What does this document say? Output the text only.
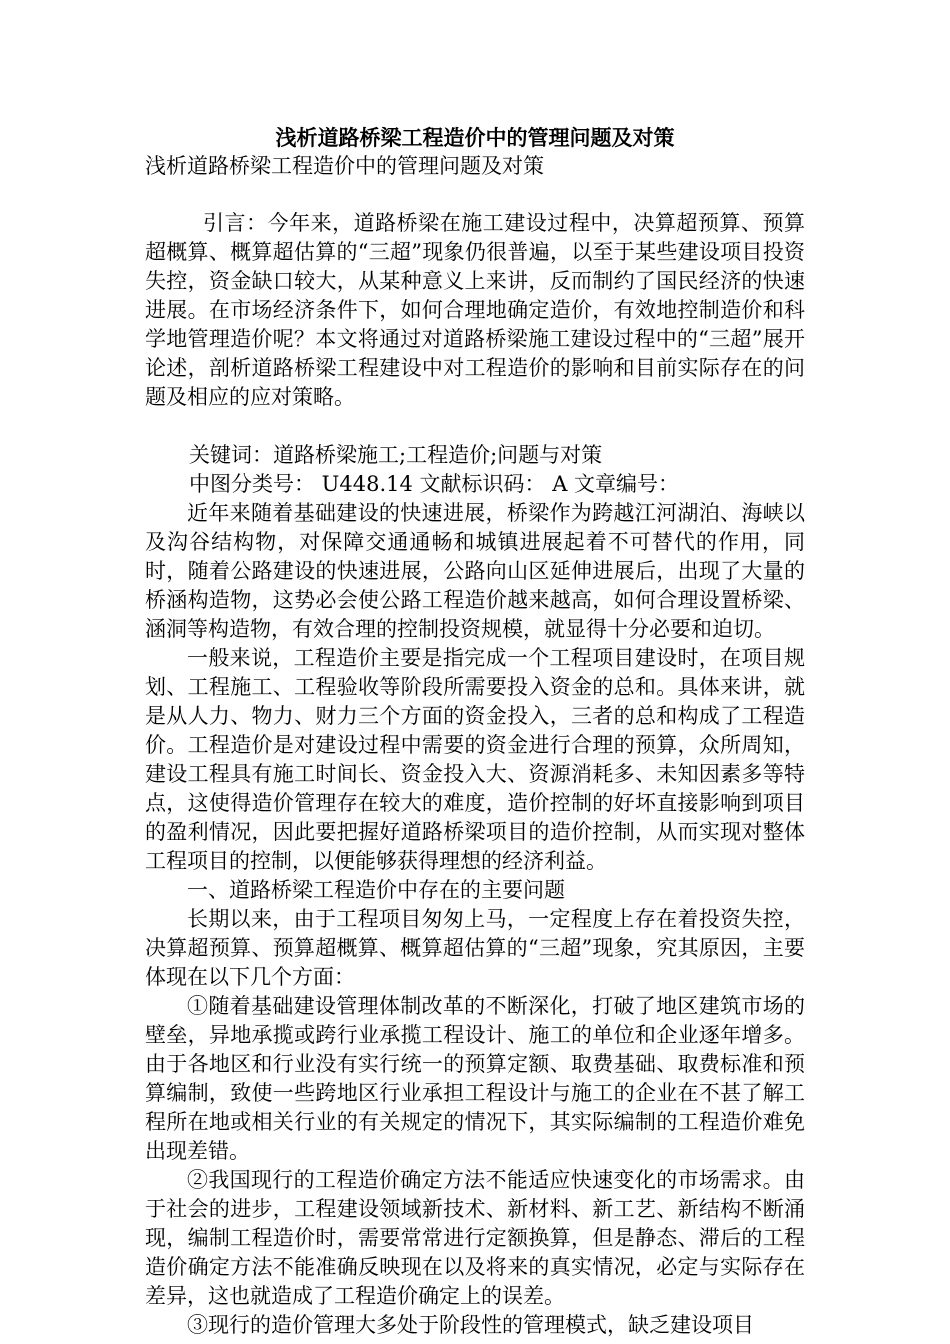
浅析道路桥梁工程造价中的管理问题及对策

浅析道路桥梁工程造价中的管理问题及对策

引言：今年来，道路桥梁在施工建设过程中，决算超预算、预算超概算、概算超估算的“三超”现象仍很普遍，以至于某些建设项目投资失控，资金缺口较大，从某种意义上来讲，反而制约了国民经济的快速进展。在市场经济条件下，如何合理地确定造价，有效地控制造价和科学地管理造价呢？本文将通过对道路桥梁施工建设过程中的“三超”展开论述，剖析道路桥梁工程建设中对工程造价的影响和目前实际存在的问题及相应的应对策略。

关键词：道路桥梁施工;工程造价;问题与对策

中图分类号： U448.14 文献标识码： A 文章编号：

近年来随着基础建设的快速进展，桥梁作为跨越江河湖泊、海峡以及沟谷结构物，对保障交通通畅和城镇进展起着不可替代的作用，同时，随着公路建设的快速进展，公路向山区延伸进展后，出现了大量的桥涵构造物，这势必会使公路工程造价越来越高，如何合理设置桥梁、涵洞等构造物，有效合理的控制投资规模，就显得十分必要和迫切。

一般来说，工程造价主要是指完成一个工程项目建设时，在项目规划、工程施工、工程验收等阶段所需要投入资金的总和。具体来讲，就是从人力、物力、财力三个方面的资金投入，三者的总和构成了工程造价。工程造价是对建设过程中需要的资金进行合理的预算，众所周知，建设工程具有施工时间长、资金投入大、资源消耗多、未知因素多等特点，这使得造价管理存在较大的难度，造价控制的好坏直接影响到项目的盈利情况，因此要把握好道路桥梁项目的造价控制，从而实现对整体工程项目的控制，以便能够获得理想的经济利益。

一、道路桥梁工程造价中存在的主要问题

长期以来，由于工程项目匆匆上马，一定程度上存在着投资失控，决算超预算、预算超概算、概算超估算的“三超”现象，究其原因，主要体现在以下几个方面：

①随着基础建设管理体制改革的不断深化，打破了地区建筑市场的壁垒，异地承揽或跨行业承揽工程设计、施工的单位和企业逐年增多。由于各地区和行业没有实行统一的预算定额、取费基础、取费标准和预算编制，致使一些跨地区行业承担工程设计与施工的企业在不甚了解工程所在地或相关行业的有关规定的情况下，其实际编制的工程造价难免出现差错。

②我国现行的工程造价确定方法不能适应快速变化的市场需求。由于社会的进步，工程建设领域新技术、新材料、新工艺、新结构不断涌现，编制工程造价时，需要常常进行定额换算，但是静态、滞后的工程造价确定方法不能准确反映现在以及将来的真实情况，必定与实际存在差异，这也就造成了工程造价确定上的误差。

③现行的造价管理大多处于阶段性的管理模式，缺乏建设项目
